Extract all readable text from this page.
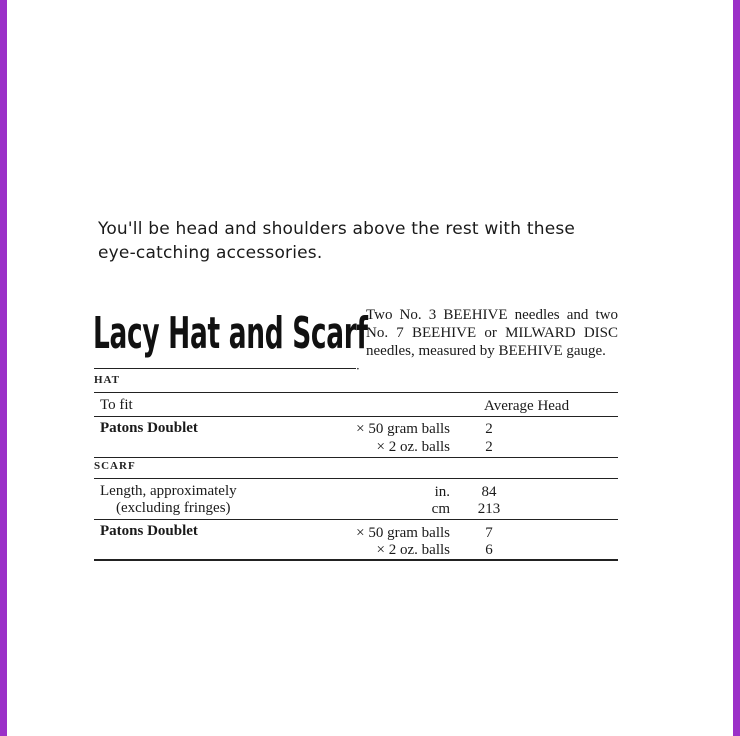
You'll be head and shoulders above the rest with these
eye-catching accessories.
Lacy Hat and Scarf
·
Two No. 3 BEEHIVE needles and two No. 7 BEEHIVE or MILWARD DISC needles, measured by BEEHIVE gauge.
HAT
To fit	Average Head
Patons Doublet	× 50 gram balls	2
× 2 oz. balls	2
SCARF
Length, approximately
(excluding fringes)
in.	84
cm	213
Patons Doublet	× 50 gram balls	7
× 2 oz. balls	6
